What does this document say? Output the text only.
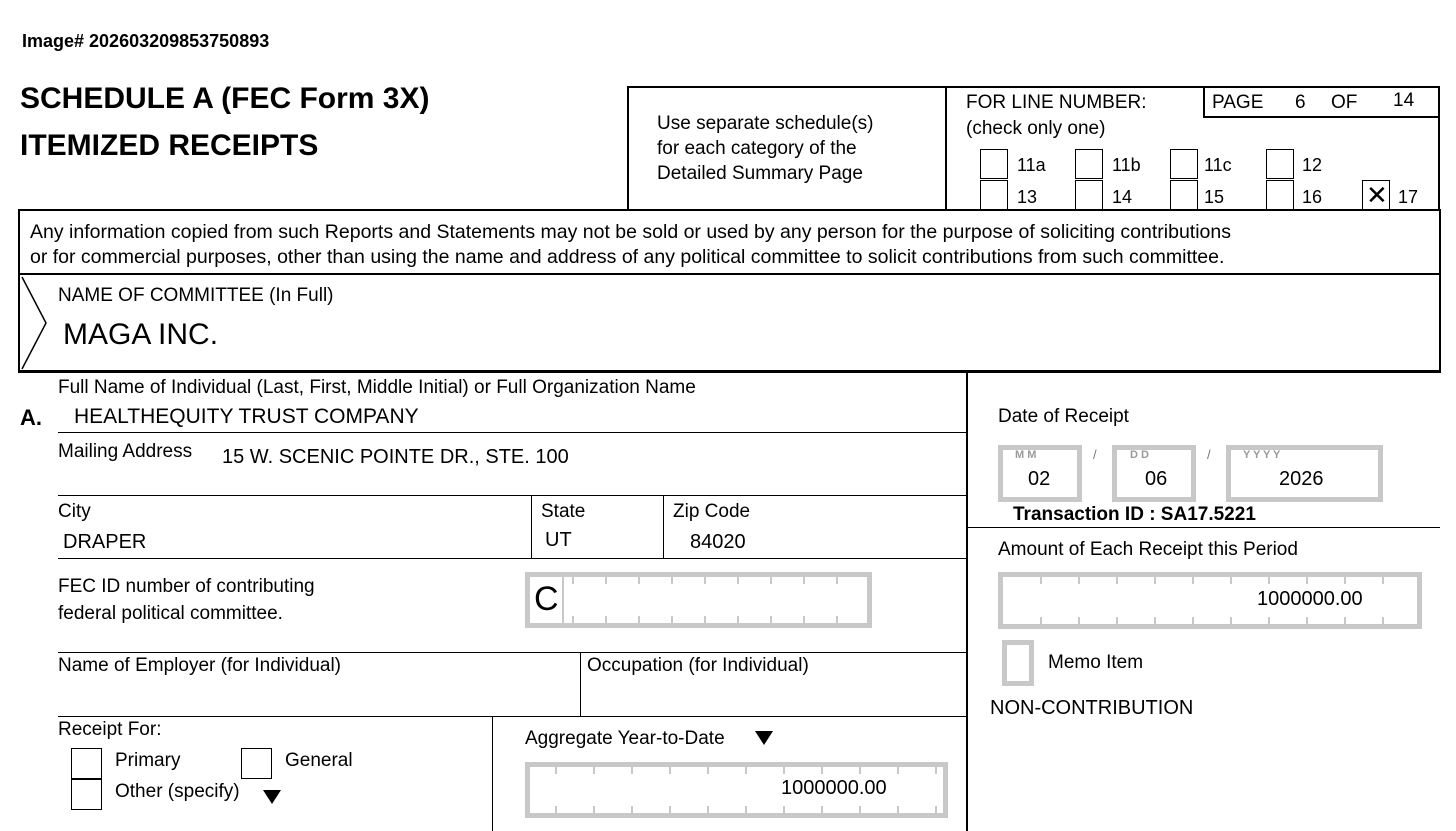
Image# 202603209853750893
SCHEDULE A (FEC Form 3X)
ITEMIZED RECEIPTS
Use separate schedule(s)
for each category of the
Detailed Summary Page
FOR LINE NUMBER:
(check only one)
PAGE 6 OF 14
11a	11b	11c	12
13	14	15	16 ✕ 17
Any information copied from such Reports and Statements may not be sold or used by any person for the purpose of soliciting contributions
or for commercial purposes, other than using the name and address of any political committee to solicit contributions from such committee.
NAME OF COMMITTEE (In Full)
MAGA INC.
A.
Full Name of Individual (Last, First, Middle Initial) or Full Organization Name
HEALTHEQUITY TRUST COMPANY
Mailing Address 15 W. SCENIC POINTE DR., STE. 100
City
DRAPER
State
UT
Zip Code
84020
FEC ID number of contributing
federal political committee.	C
Name of Employer (for Individual)	Occupation (for Individual)
Receipt For:
Primary	General
Other (specify)
Aggregate Year-to-Date
1000000.00
Date of Receipt
M M
02
/	D D
06
/	Y Y Y Y
2026
Transaction ID : SA17.5221
Amount of Each Receipt this Period
1000000.00
Memo Item
NON-CONTRIBUTION
